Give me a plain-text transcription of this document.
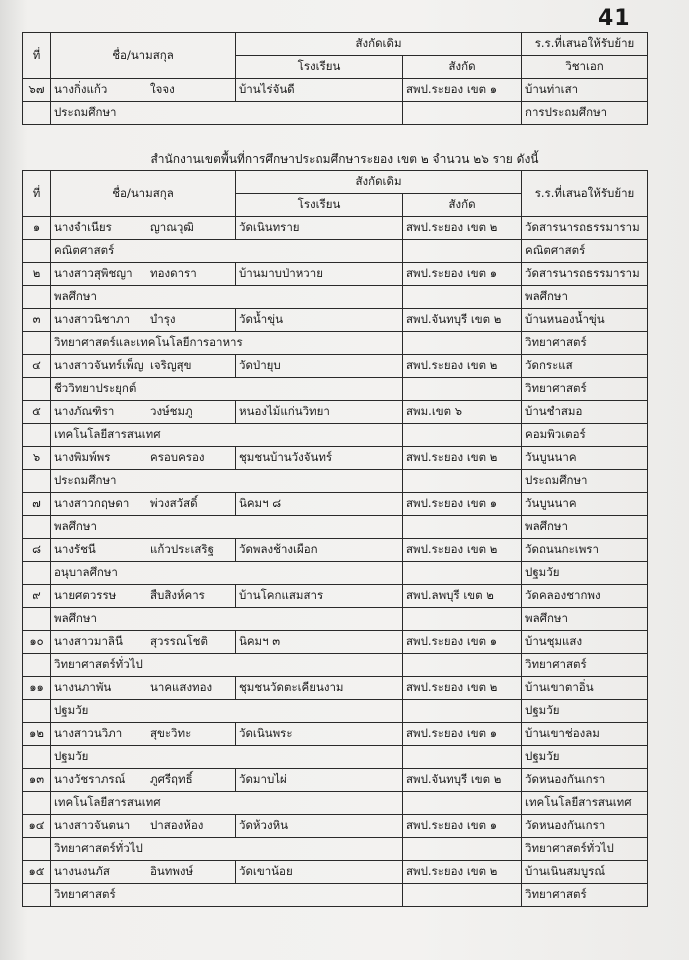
41
ที่	ชื่อ/นามสกุล	สังกัดเดิม		ร.ร.ที่เสนอให้รับย้าย
		โรงเรียน	สังกัด	วิชาเอก
๖๗	นางกิ่งแก้ว ใจจง	บ้านไร่จันดี	สพป.ระยอง เขต ๑	บ้านท่าเสา
	ประถมศึกษา			การประถมศึกษา
สำนักงานเขตพื้นที่การศึกษาประถมศึกษาระยอง เขต ๒ จำนวน ๒๖ ราย ดังนี้
ที่	ชื่อ/นามสกุล	สังกัดเดิม		ร.ร.ที่เสนอให้รับย้าย
		โรงเรียน	สังกัด	
๑	นางจำเนียร ญาณวุฒิ	วัดเนินทราย	สพป.ระยอง เขต ๒	วัดสารนารถธรรมาราม
	คณิตศาสตร์			คณิตศาสตร์
๒	นางสาวสุพิชญา ทองดารา	บ้านมาบป่าหวาย	สพป.ระยอง เขต ๑	วัดสารนารถธรรมาราม
	พลศึกษา			พลศึกษา
๓	นางสาวนิชาภา บำรุง	วัดน้ำขุ่น	สพป.จันทบุรี เขต ๒	บ้านหนองน้ำขุ่น
	วิทยาศาสตร์และเทคโนโลยีการอาหาร			วิทยาศาสตร์
๔	นางสาวจันทร์เพ็ญ เจริญสุข	วัดป่ายุบ	สพป.ระยอง เขต ๒	วัดกระแส
	ชีววิทยาประยุกต์			วิทยาศาสตร์
๕	นางภัณฑิรา วงษ์ชมภู	หนองไม้แก่นวิทยา	สพม.เขต ๖	บ้านชำสมอ
	เทคโนโลยีสารสนเทศ			คอมพิวเตอร์
๖	นางพิมพ์พร ครอบครอง	ชุมชนบ้านวังจันทร์	สพป.ระยอง เขต ๒	วันบูนนาค
	ประถมศึกษา			ประถมศึกษา
๗	นางสาวกฤษดา พ่วงสวัสดิ์	นิคมฯ ๘	สพป.ระยอง เขต ๑	วันบูนนาค
	พลศึกษา			พลศึกษา
๘	นางรัชนี แก้วประเสริฐ	วัดพลงช้างเผือก	สพป.ระยอง เขต ๒	วัดถนนกะเพรา
	อนุบาลศึกษา			ปฐมวัย
๙	นายศตวรรษ สืบสิงห์คาร	บ้านโคกแสมสาร	สพป.ลพบุรี เขต ๒	วัดคลองชากพง
	พลศึกษา			พลศึกษา
๑๐	นางสาวมาลินี สุวรรณโชติ	นิคมฯ ๓	สพป.ระยอง เขต ๑	บ้านชุมแสง
	วิทยาศาสตร์ทั่วไป			วิทยาศาสตร์
๑๑	นางนภาพัน นาคแสงทอง	ชุมชนวัดตะเคียนงาม	สพป.ระยอง เขต ๒	บ้านเขาตาอิ่น
	ปฐมวัย			ปฐมวัย
๑๒	นางสาวนวิภา สุขะวิทะ	วัดเนินพระ	สพป.ระยอง เขต ๑	บ้านเขาช่องลม
	ปฐมวัย			ปฐมวัย
๑๓	นางวัชราภรณ์ ภูศรีฤทธิ์	วัดมาบไผ่	สพป.จันทบุรี เขต ๒	วัดหนองกันเกรา
	เทคโนโลยีสารสนเทศ			เทคโนโลยีสารสนเทศ
๑๔	นางสาวจันตนา ปาสองห้อง	วัดห้วงหิน	สพป.ระยอง เขต ๑	วัดหนองกันเกรา
	วิทยาศาสตร์ทั่วไป			วิทยาศาสตร์ทั่วไป
๑๕	นางนงนภัส อินทพงษ์	วัดเขาน้อย	สพป.ระยอง เขต ๒	บ้านเนินสมบูรณ์
	วิทยาศาสตร์			วิทยาศาสตร์
